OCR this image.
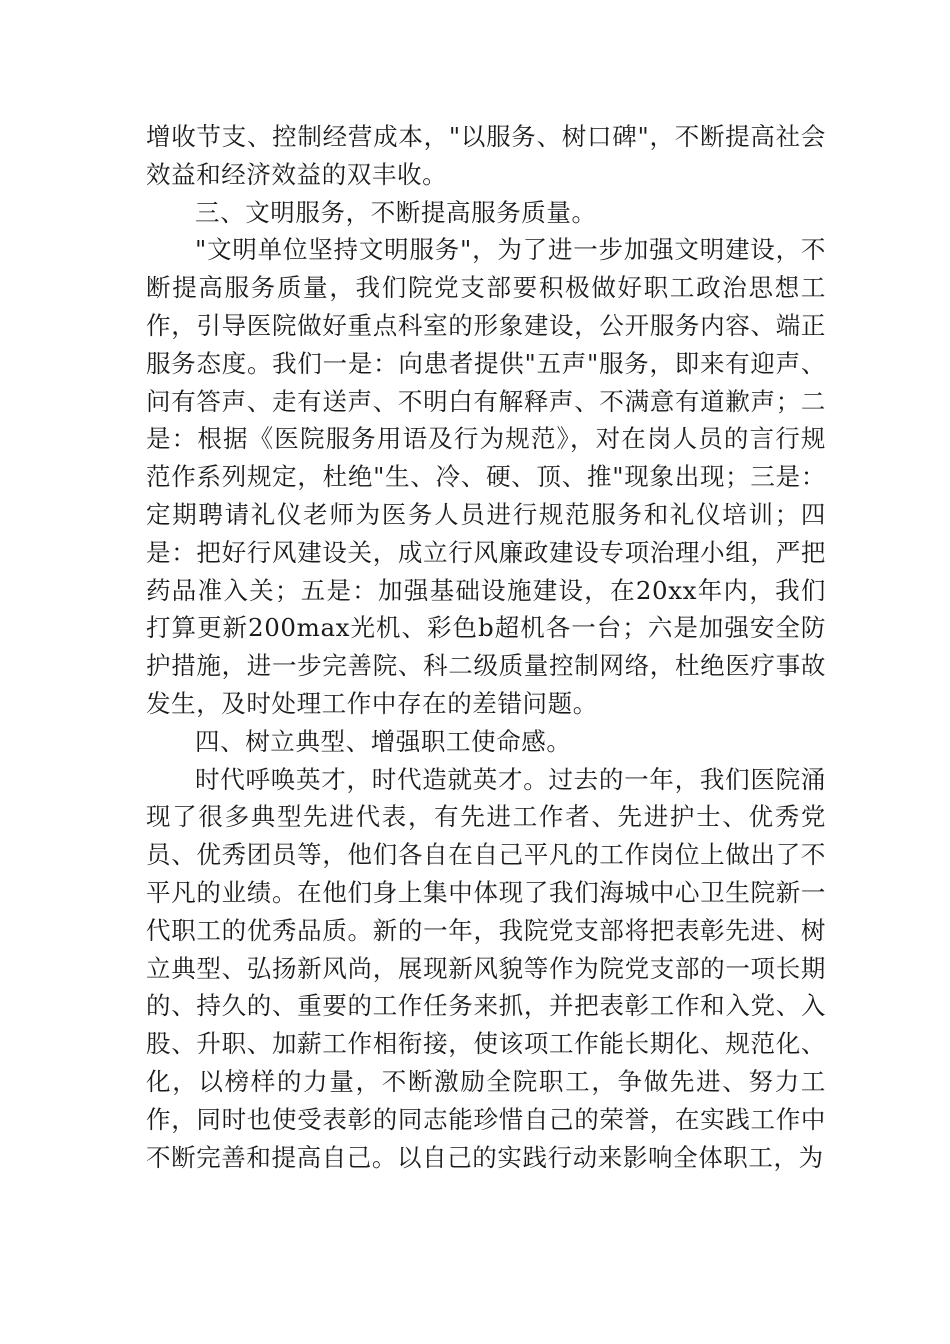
增收节支、控制经营成本，"以服务、树口碑"，不断提高社会效益和经济效益的双丰收。

三、文明服务，不断提高服务质量。

"文明单位坚持文明服务"，为了进一步加强文明建设，不断提高服务质量，我们院党支部要积极做好职工政治思想工作，引导医院做好重点科室的形象建设，公开服务内容、端正服务态度。我们一是：向患者提供"五声"服务，即来有迎声、问有答声、走有送声、不明白有解释声、不满意有道歉声；二是：根据《医院服务用语及行为规范》，对在岗人员的言行规范作系列规定，杜绝"生、冷、硬、顶、推"现象出现；三是：定期聘请礼仪老师为医务人员进行规范服务和礼仪培训；四是：把好行风建设关，成立行风廉政建设专项治理小组，严把药品准入关；五是：加强基础设施建设，在20xx年内，我们打算更新200max光机、彩色b超机各一台；六是加强安全防护措施，进一步完善院、科二级质量控制网络，杜绝医疗事故发生，及时处理工作中存在的差错问题。

四、树立典型、增强职工使命感。

时代呼唤英才，时代造就英才。过去的一年，我们医院涌现了很多典型先进代表，有先进工作者、先进护士、优秀党员、优秀团员等，他们各自在自己平凡的工作岗位上做出了不平凡的业绩。在他们身上集中体现了我们海城中心卫生院新一代职工的优秀品质。新的一年，我院党支部将把表彰先进、树立典型、弘扬新风尚，展现新风貌等作为院党支部的一项长期的、持久的、重要的工作任务来抓，并把表彰工作和入党、入股、升职、加薪工作相衔接，使该项工作能长期化、规范化、化，以榜样的力量，不断激励全院职工，争做先进、努力工作，同时也使受表彰的同志能珍惜自己的荣誉，在实践工作中不断完善和提高自己。以自己的实践行动来影响全体职工，为
